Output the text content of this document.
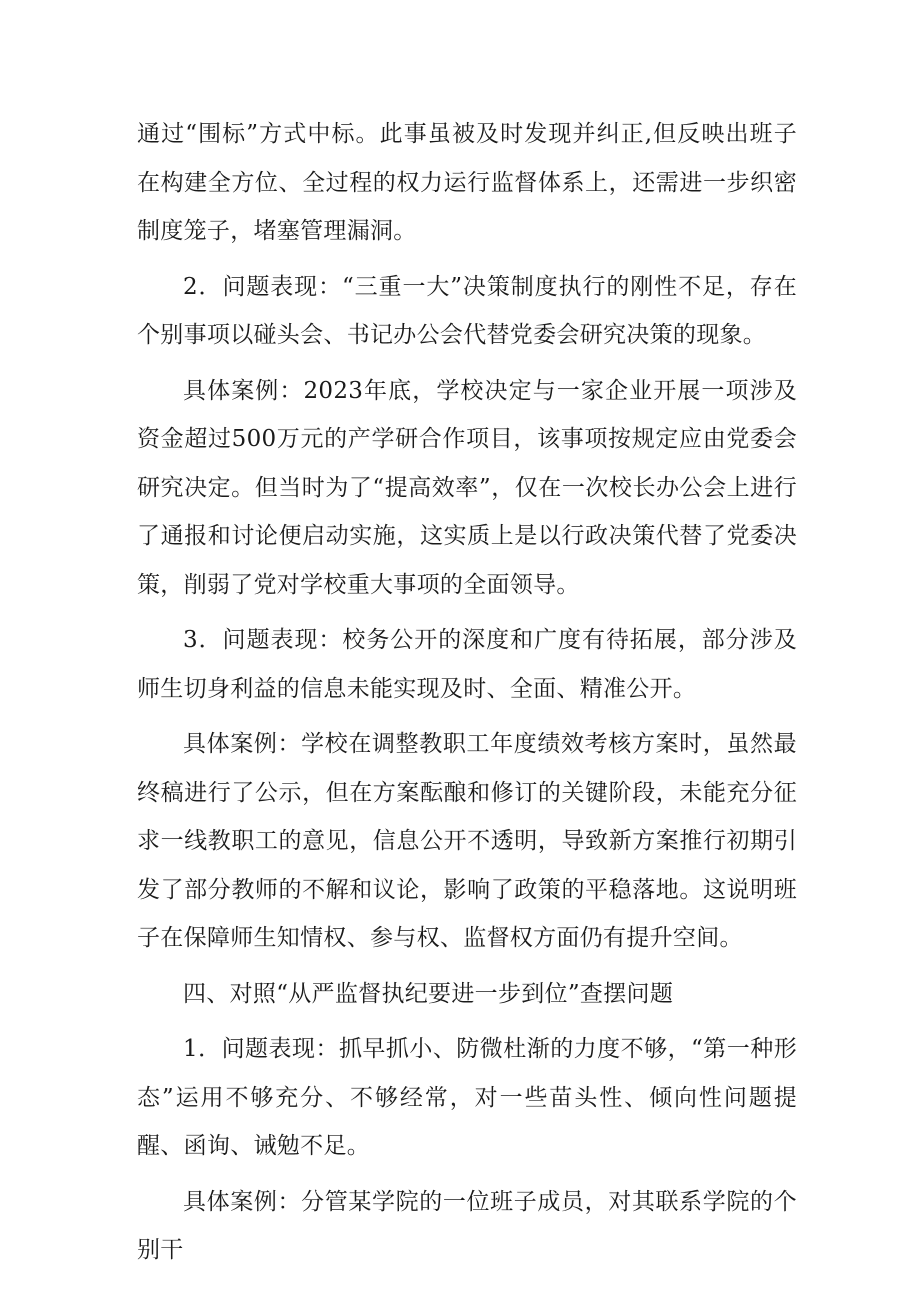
通过“围标”方式中标。此事虽被及时发现并纠正,但反映出班子在构建全方位、全过程的权力运行监督体系上，还需进一步织密制度笼子，堵塞管理漏洞。

2．问题表现：“三重一大”决策制度执行的刚性不足，存在个别事项以碰头会、书记办公会代替党委会研究决策的现象。

具体案例：2023年底，学校决定与一家企业开展一项涉及资金超过500万元的产学研合作项目，该事项按规定应由党委会研究决定。但当时为了“提高效率”，仅在一次校长办公会上进行了通报和讨论便启动实施，这实质上是以行政决策代替了党委决策，削弱了党对学校重大事项的全面领导。

3．问题表现：校务公开的深度和广度有待拓展，部分涉及师生切身利益的信息未能实现及时、全面、精准公开。

具体案例：学校在调整教职工年度绩效考核方案时，虽然最终稿进行了公示，但在方案酝酿和修订的关键阶段，未能充分征求一线教职工的意见，信息公开不透明，导致新方案推行初期引发了部分教师的不解和议论，影响了政策的平稳落地。这说明班子在保障师生知情权、参与权、监督权方面仍有提升空间。

四、对照“从严监督执纪要进一步到位”查摆问题

1．问题表现：抓早抓小、防微杜渐的力度不够，“第一种形态”运用不够充分、不够经常，对一些苗头性、倾向性问题提醒、函询、诫勉不足。

具体案例：分管某学院的一位班子成员，对其联系学院的个别干
